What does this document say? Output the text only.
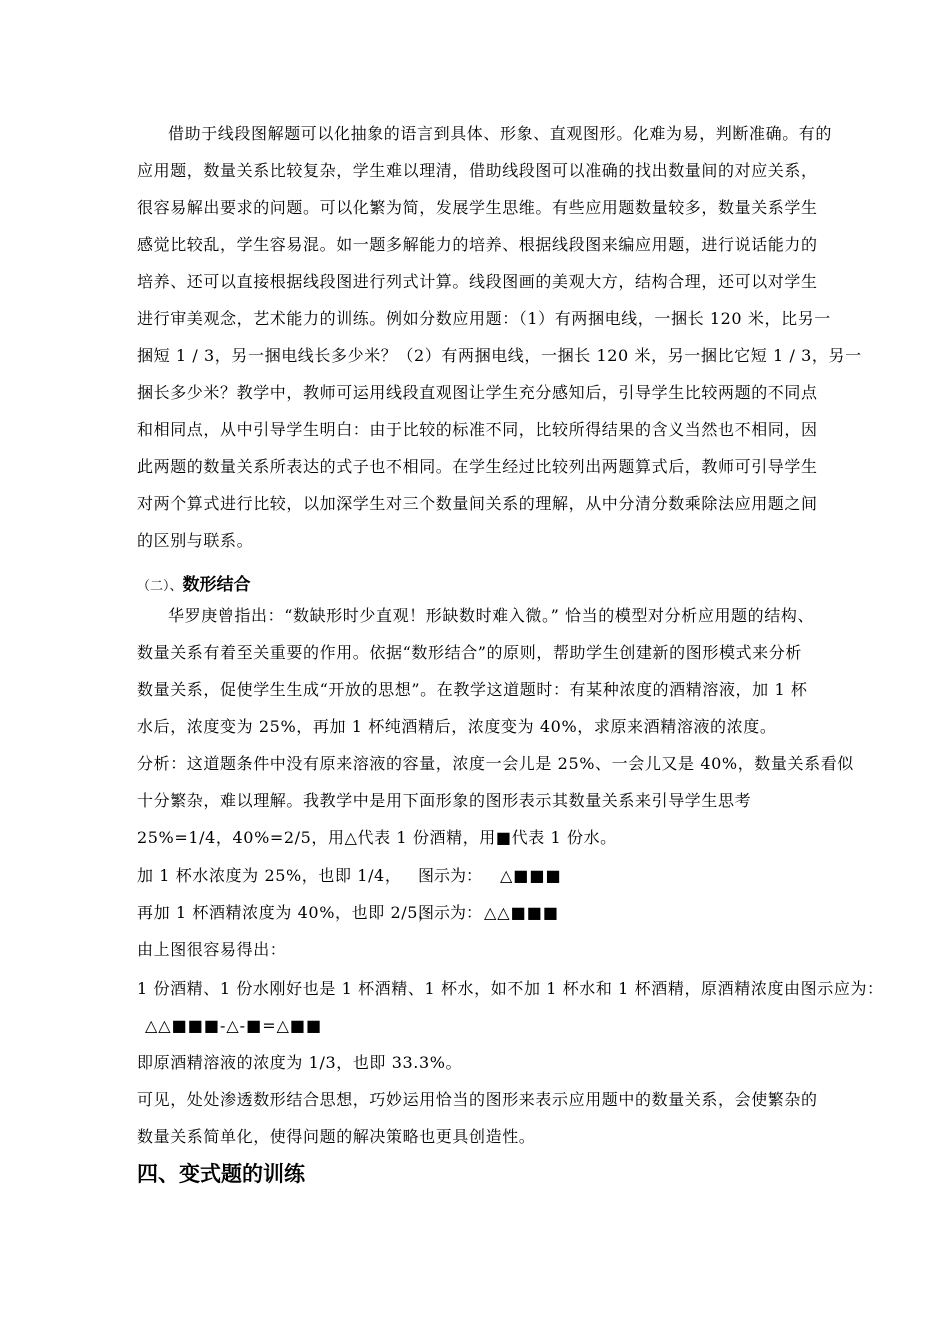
借助于线段图解题可以化抽象的语言到具体、形象、直观图形。化难为易，判断准确。有的
应用题，数量关系比较复杂，学生难以理清，借助线段图可以准确的找出数量间的对应关系，
很容易解出要求的问题。可以化繁为简，发展学生思维。有些应用题数量较多，数量关系学生
感觉比较乱，学生容易混。如一题多解能力的培养、根据线段图来编应用题，进行说话能力的
培养、还可以直接根据线段图进行列式计算。线段图画的美观大方，结构合理，还可以对学生
进行审美观念，艺术能力的训练。例如分数应用题：（1）有两捆电线，一捆长 120 米，比另一
捆短 1 / 3，另一捆电线长多少米？（2）有两捆电线，一捆长 120 米，另一捆比它短 1 / 3，另一
捆长多少米？教学中，教师可运用线段直观图让学生充分感知后，引导学生比较两题的不同点
和相同点，从中引导学生明白：由于比较的标准不同，比较所得结果的含义当然也不相同，因
此两题的数量关系所表达的式子也不相同。在学生经过比较列出两题算式后，教师可引导学生
对两个算式进行比较，以加深学生对三个数量间关系的理解，从中分清分数乘除法应用题之间
的区别与联系。
（二）、数形结合
华罗庚曾指出：“数缺形时少直观！形缺数时难入微。” 恰当的模型对分析应用题的结构、
数量关系有着至关重要的作用。依据“数形结合”的原则，帮助学生创建新的图形模式来分析
数量关系，促使学生生成“开放的思想”。在教学这道题时：有某种浓度的酒精溶液，加 1 杯
水后，浓度变为 25%，再加 1 杯纯酒精后，浓度变为 40%，求原来酒精溶液的浓度。
分析：这道题条件中没有原来溶液的容量，浓度一会儿是 25%、一会儿又是 40%，数量关系看似
十分繁杂，难以理解。我教学中是用下面形象的图形表示其数量关系来引导学生思考
25%=1/4，40%=2/5，用△代表 1 份酒精，用■代表 1 份水。
加 1 杯水浓度为 25%，也即 1/4， 图示为： △■■■
再加 1 杯酒精浓度为 40%，也即 2/5，
图示为： △△■■■
由上图很容易得出：
1 份酒精、1 份水刚好也是 1 杯酒精、1 杯水，如不加 1 杯水和 1 杯酒精，原酒精浓度由图示应为：
△△■■■-△-■=△■■
即原酒精溶液的浓度为 1/3，也即 33.3%。
可见，处处渗透数形结合思想，巧妙运用恰当的图形来表示应用题中的数量关系，会使繁杂的
数量关系简单化，使得问题的解决策略也更具创造性。
四、变式题的训练
